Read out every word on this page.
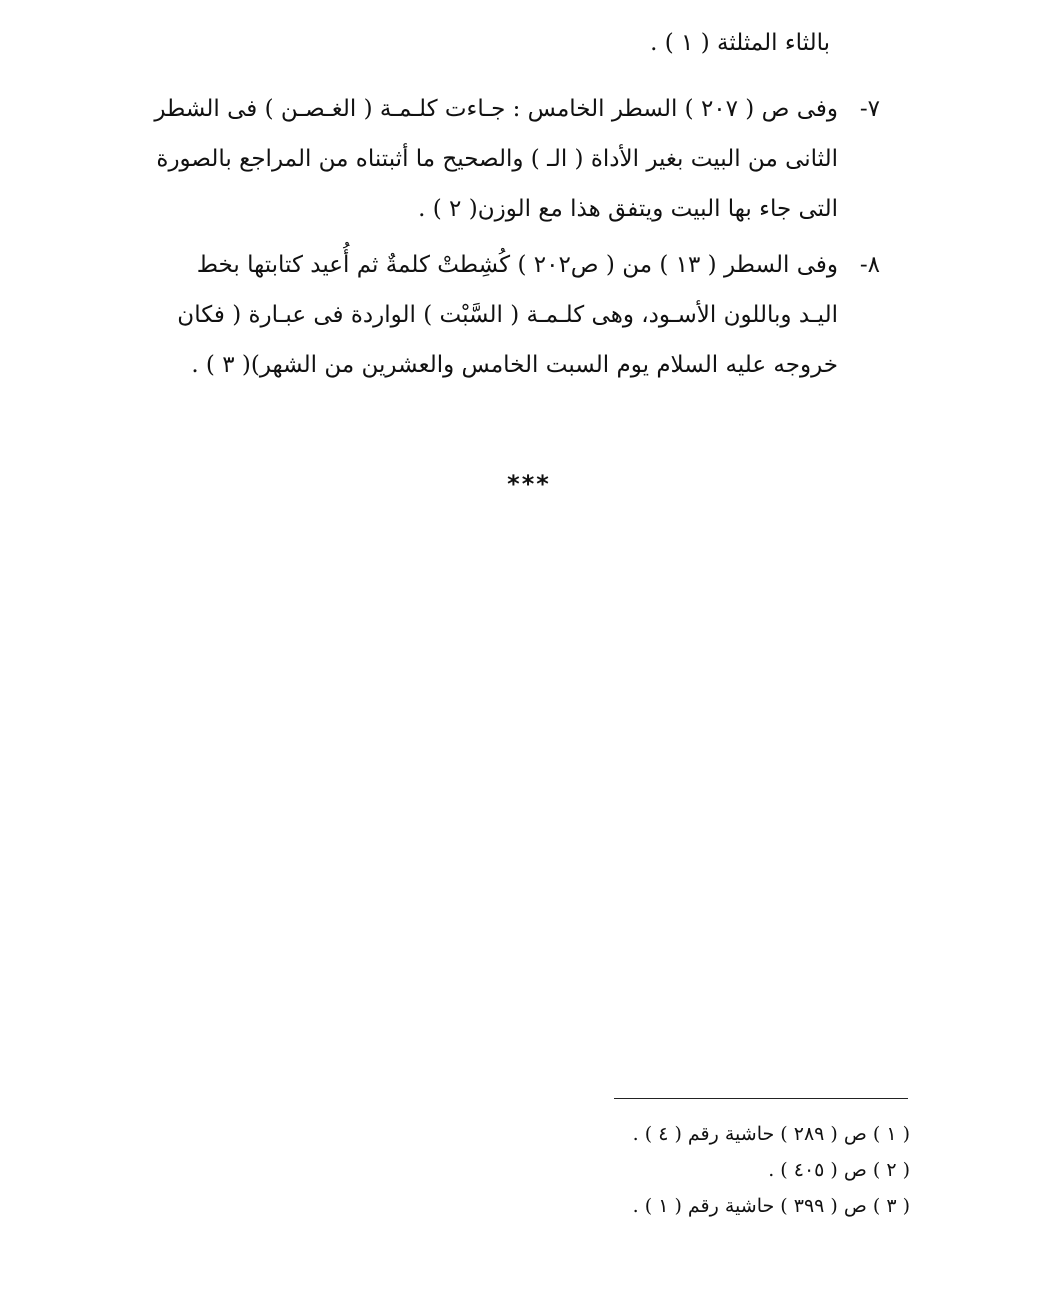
بالثاء المثلثة ( ١ ) .
٧-
وفى ص ( ٢٠٧ ) السطر الخامس : جـاءت كلـمـة ( الغـصـن ) فى الشطر
الثانى من البيت بغير الأداة ( الـ ) والصحيح ما أثبتناه من المراجع بالصورة
التى جاء بها البيت ويتفق هذا مع الوزن( ٢ ) .
٨-
وفى السطر ( ١٣ ) من ( ص٢٠٢ ) كُشِطتْ كلمةٌ ثم أُعيد كتابتها بخط
اليـد وباللون الأسـود، وهى كلـمـة ( السَّبْت ) الواردة فى عبـارة ( فكان
خروجه عليه السلام يوم السبت الخامس والعشرين من الشهر)( ٣ ) .
***
( ١ ) ص ( ٢٨٩ ) حاشية رقم ( ٤ ) .
( ٢ ) ص ( ٤٠٥ ) .
( ٣ ) ص ( ٣٩٩ ) حاشية رقم ( ١ ) .
